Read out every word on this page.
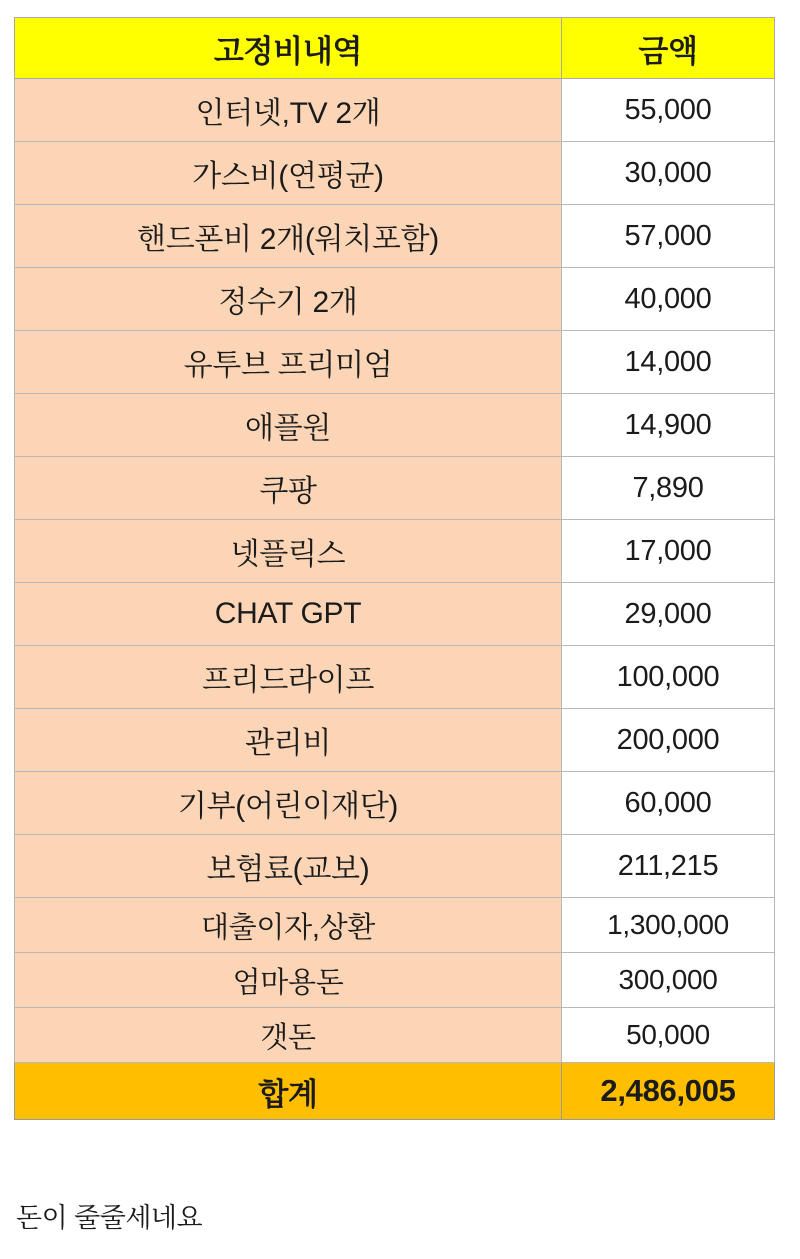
고정비내역	금액
인터넷,TV 2개	55,000
가스비(연평균)	30,000
핸드폰비 2개(워치포함)	57,000
정수기 2개	40,000
유투브 프리미엄	14,000
애플원	14,900
쿠팡	7,890
넷플릭스	17,000
CHAT GPT	29,000
프리드라이프	100,000
관리비	200,000
기부(어린이재단)	60,000
보험료(교보)	211,215
대출이자,상환	1,300,000
엄마용돈	300,000
갯돈	50,000
합계	2,486,005
돈이 줄줄세네요
